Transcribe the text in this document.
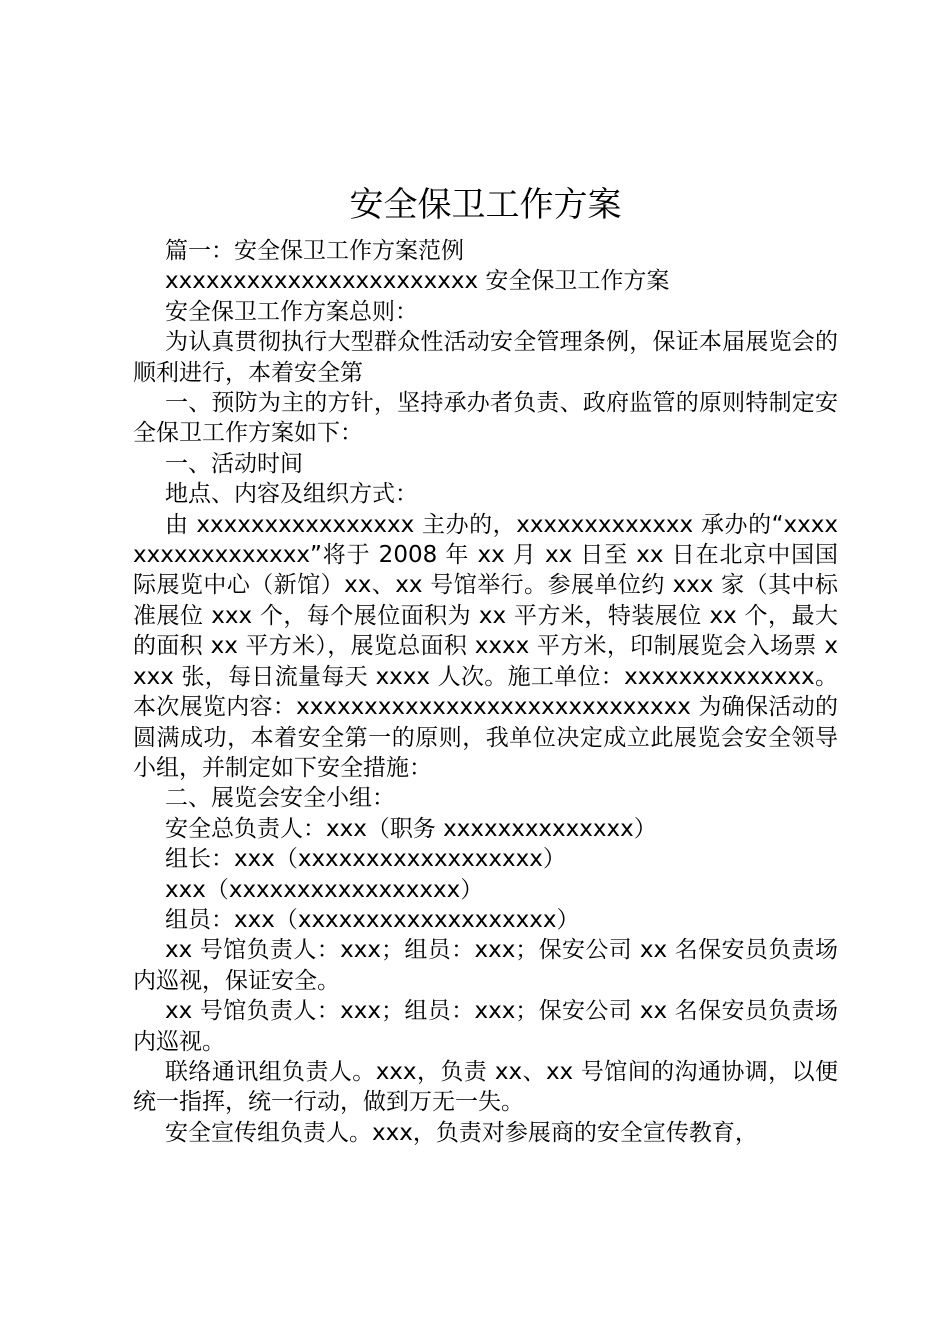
安全保卫工作方案

篇一：安全保卫工作方案范例

xxxxxxxxxxxxxxxxxxxxxxx 安全保卫工作方案

安全保卫工作方案总则：

为认真贯彻执行大型群众性活动安全管理条例，保证本届展览会的顺利进行，本着安全第

一、预防为主的方针，坚持承办者负责、政府监管的原则特制定安全保卫工作方案如下：

一、活动时间

地点、内容及组织方式：

由 xxxxxxxxxxxxxxxx 主办的，xxxxxxxxxxxxx 承办的“xxxxxxxxxxxxxxxxx”将于 2008 年 xx 月 xx 日至 xx 日在北京中国国际展览中心（新馆）xx、xx 号馆举行。参展单位约 xxx 家（其中标准展位 xxx 个，每个展位面积为 xx 平方米，特装展位 xx 个，最大的面积 xx 平方米），展览总面积 xxxx 平方米，印制展览会入场票 xxxx 张，每日流量每天 xxxx 人次。施工单位：xxxxxxxxxxxxxx。本次展览内容：xxxxxxxxxxxxxxxxxxxxxxxxxxxxx 为确保活动的圆满成功，本着安全第一的原则，我单位决定成立此展览会安全领导小组，并制定如下安全措施：

二、展览会安全小组：

安全总负责人：xxx（职务 xxxxxxxxxxxxxx）

组长：xxx（xxxxxxxxxxxxxxxxxx）

xxx（xxxxxxxxxxxxxxxxx）

组员：xxx（xxxxxxxxxxxxxxxxxxx）

xx 号馆负责人：xxx；组员：xxx；保安公司 xx 名保安员负责场内巡视，保证安全。

xx 号馆负责人：xxx；组员：xxx；保安公司 xx 名保安员负责场内巡视。

联络通讯组负责人。xxx，负责 xx、xx 号馆间的沟通协调，以便统一指挥，统一行动，做到万无一失。

安全宣传组负责人。xxx，负责对参展商的安全宣传教育，
